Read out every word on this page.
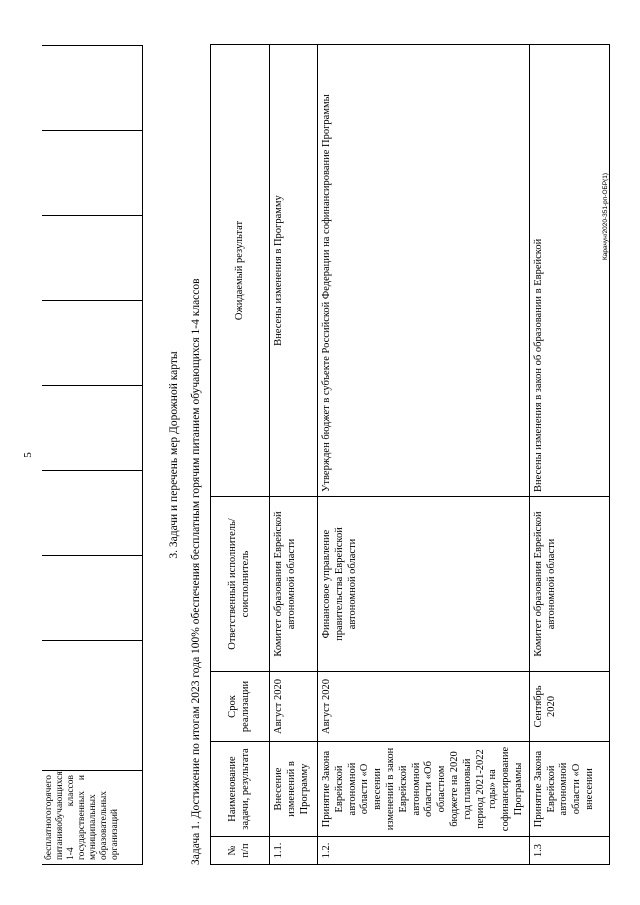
5
бесплатного
горячего
питания
обучающихся
1-4
классов
государственных
и
муниципальных образовательных организаций
3. Задачи и перечень мер Дорожной карты Задача 1. Достижение по итогам 2023 года 100% обеспечения бесплатным горячим питанием обучающихся 1-4 классов № п/п	Наименование задачи, результата	Срок реализации	Ответственный исполнитель/соисполнитель	Ожидаемый результат
1.1.	Внесение изменений в Программу	Август 2020	Комитет образования Еврейской автономной области	Внесены изменения в Программу
1.2.	Принятие Закона Еврейской автономной области «О внесении изменений в закон Еврейской автономной области «Об областном бюджете на 2020 год плановый период 2021-2022 годы» на софинансирование Программы	Август 2020	Финансовое управление правительства Еврейской автономной области	Утвержден бюджет в субъекте Российской Федерации на софинансирование Программы
1.3	Принятие Закона Еврейской автономной области «О внесении	Сентябрь 2020	Комитет образования Еврейской автономной области	Внесены изменения в закон об образовании в Еврейской
Карачун/2020-351-рп-ОБР(1)
